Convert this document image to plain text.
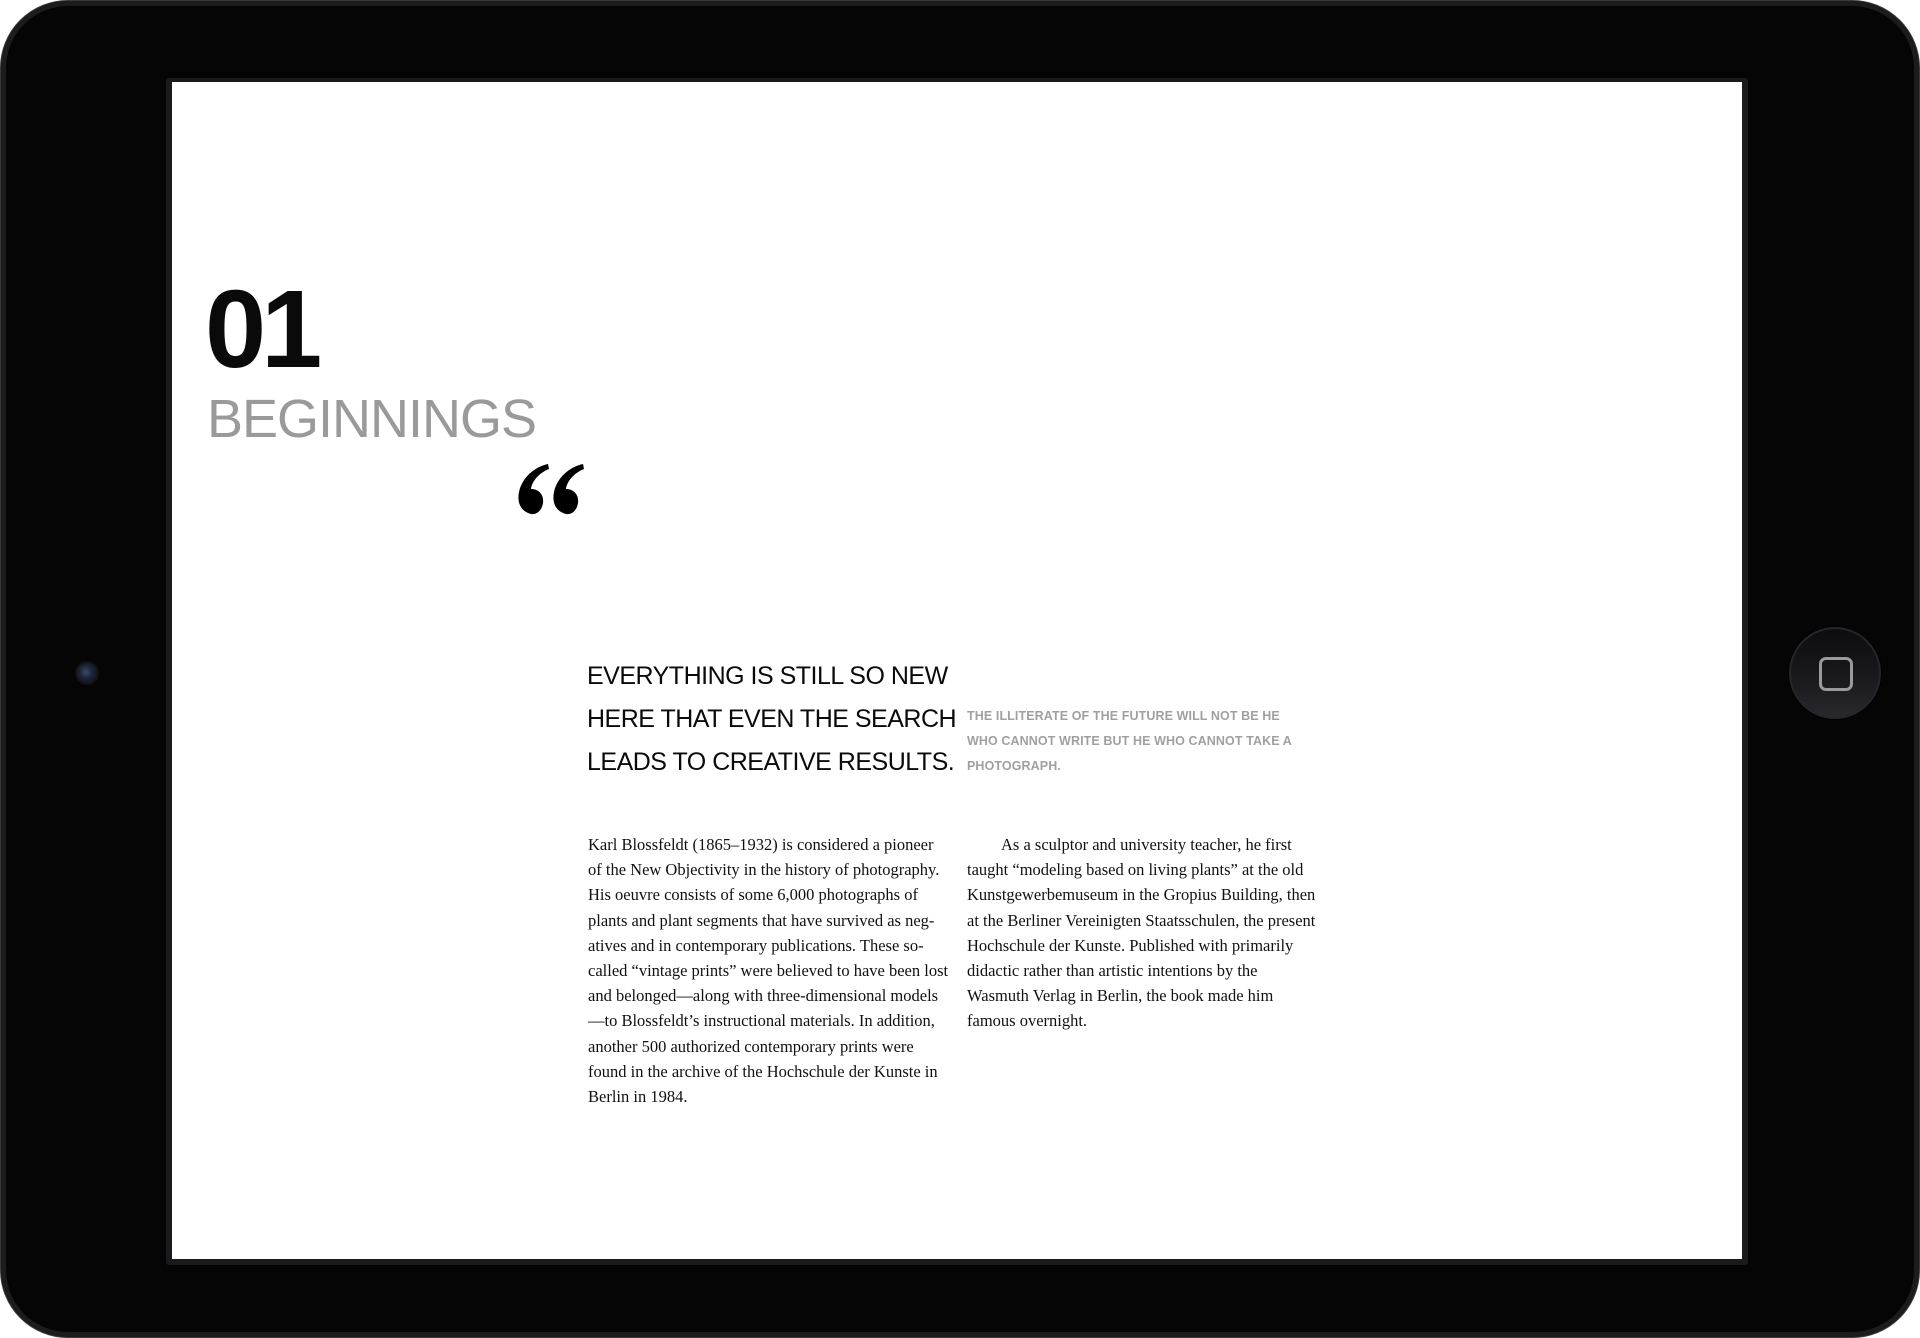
01
BEGINNINGS

EVERYTHING IS STILL SO NEW HERE THAT EVEN THE SEARCH LEADS TO CREATIVE RESULTS.

THE ILLITERATE OF THE FUTURE WILL NOT BE HE WHO CANNOT WRITE BUT HE WHO CANNOT TAKE A PHOTOGRAPH.

Karl Blossfeldt (1865–1932) is considered a pioneer of the New Objectivity in the history of photography. His oeuvre consists of some 6,000 photographs of plants and plant segments that have survived as negatives and in contemporary publications. These so-called “vintage prints” were believed to have been lost and belonged—along with three-dimensional models—to Blossfeldt’s instructional materials. In addition, another 500 authorized contemporary prints were found in the archive of the Hochschule der Kunste in Berlin in 1984.

As a sculptor and university teacher, he first taught “modeling based on living plants” at the old Kunstgewerbemuseum in the Gropius Building, then at the Berliner Vereinigten Staatsschulen, the present Hochschule der Kunste. Published with primarily didactic rather than artistic intentions by the Wasmuth Verlag in Berlin, the book made him famous overnight.
